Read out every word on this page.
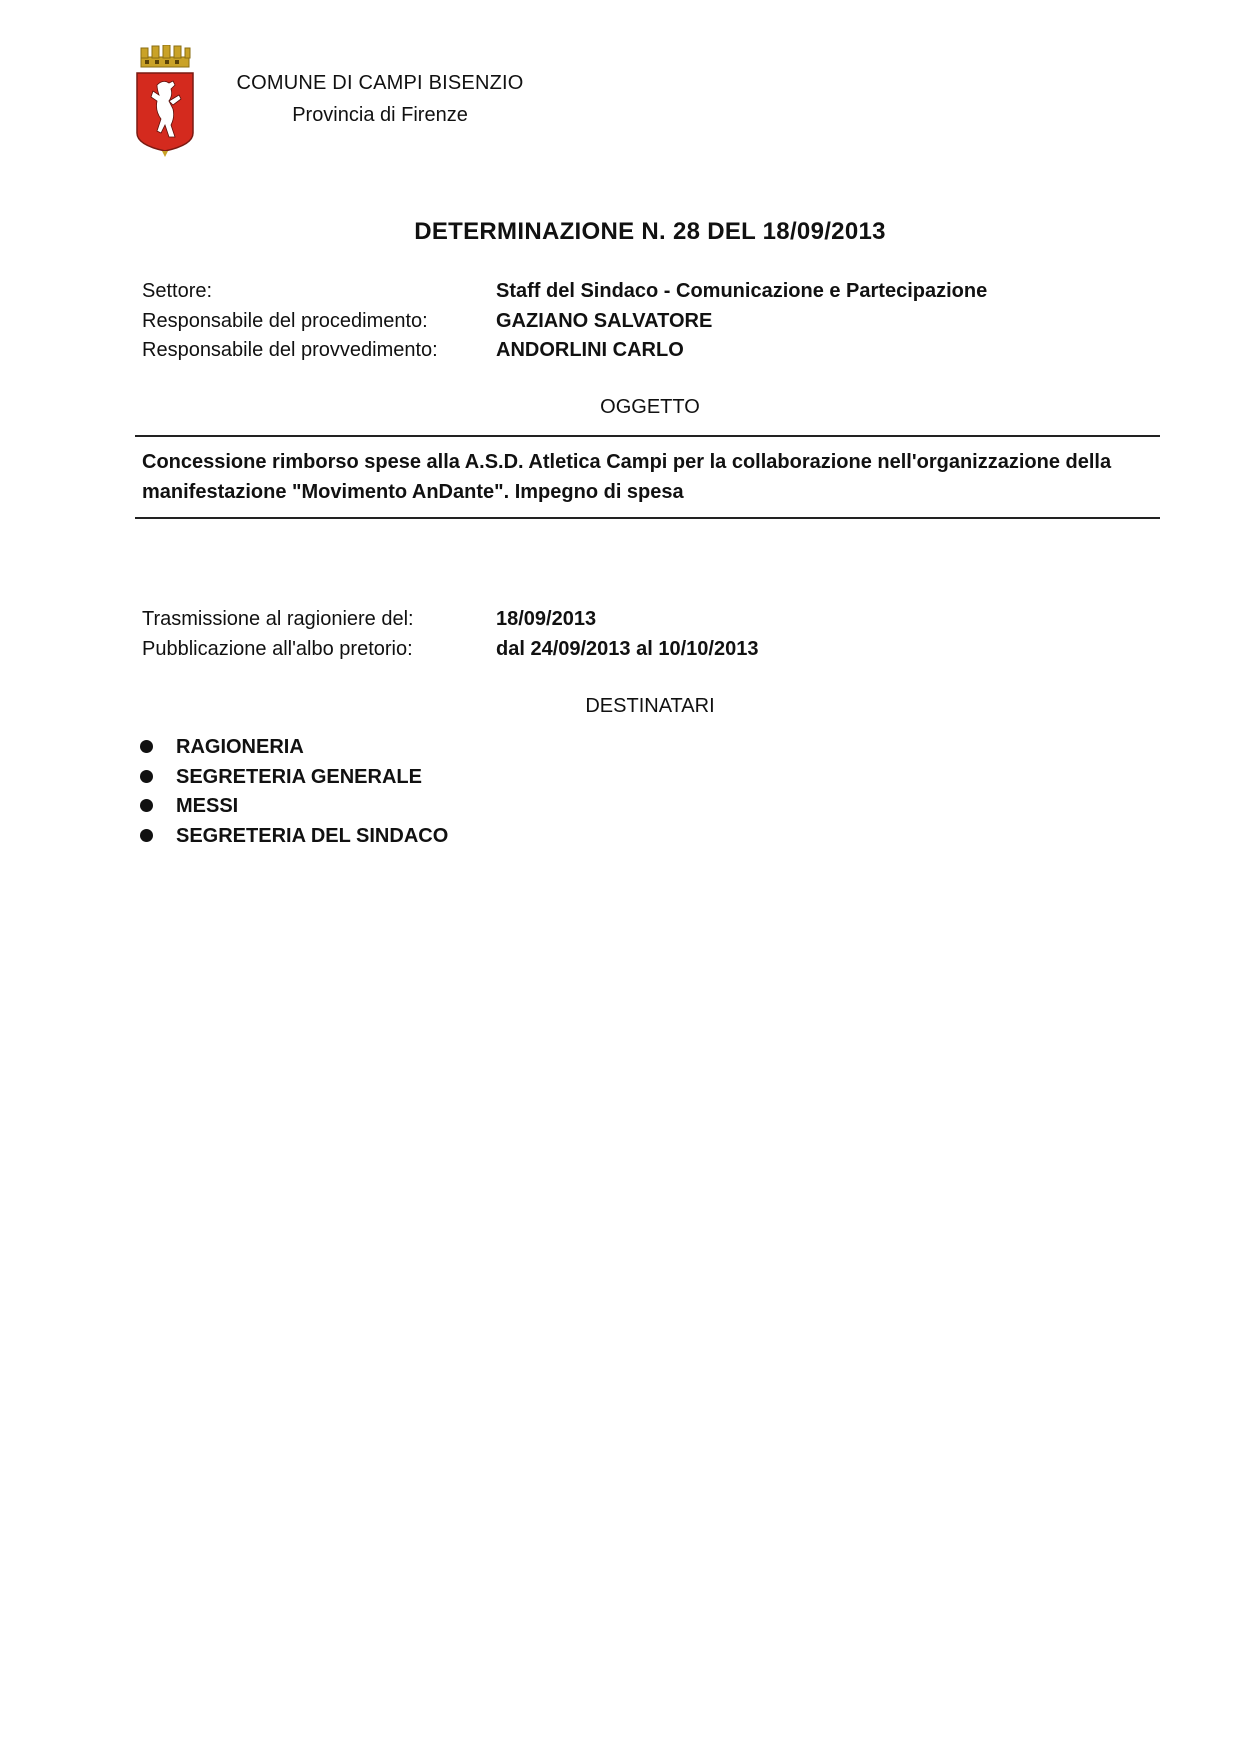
COMUNE DI CAMPI BISENZIO
Provincia di Firenze
DETERMINAZIONE N. 28 DEL 18/09/2013
Settore:	Staff del Sindaco - Comunicazione e Partecipazione
Responsabile del procedimento:	GAZIANO SALVATORE
Responsabile del provvedimento:	ANDORLINI CARLO
OGGETTO
Concessione rimborso spese alla A.S.D. Atletica Campi per la collaborazione nell'organizzazione della manifestazione "Movimento AnDante". Impegno di spesa
Trasmissione al ragioniere del:	18/09/2013
Pubblicazione all'albo pretorio:	dal 24/09/2013 al 10/10/2013
DESTINATARI
RAGIONERIA
SEGRETERIA GENERALE
MESSI
SEGRETERIA DEL SINDACO
